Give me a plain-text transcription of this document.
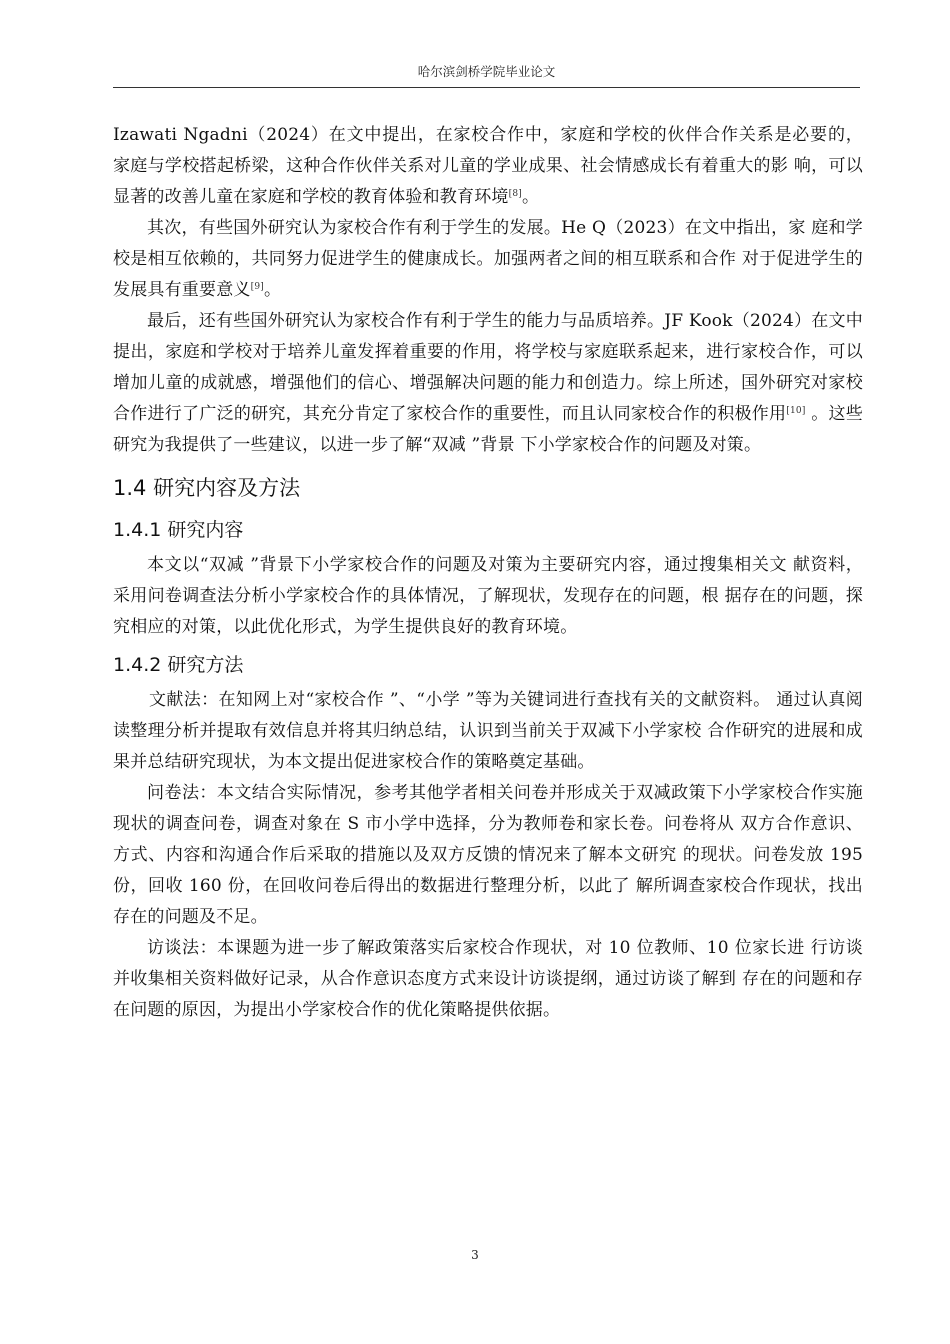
哈尔滨剑桥学院毕业论文

Izawati Ngadni（2024）在文中提出，在家校合作中，家庭和学校的伙伴合作关系是必要的， 家庭与学校搭起桥梁，这种合作伙伴关系对儿童的学业成果、社会情感成长有着重大的影 响，可以显著的改善儿童在家庭和学校的教育体验和教育环境[8]。

其次，有些国外研究认为家校合作有利于学生的发展。He Q（2023）在文中指出，家 庭和学校是相互依赖的，共同努力促进学生的健康成长。加强两者之间的相互联系和合作 对于促进学生的发展具有重要意义[9]。

最后，还有些国外研究认为家校合作有利于学生的能力与品质培养。JF Kook（2024）在文中提出，家庭和学校对于培养儿童发挥着重要的作用，将学校与家庭联系起来，进行家校合作，可以增加儿童的成就感，增强他们的信心、增强解决问题的能力和创造力。综上所述，国外研究对家校合作进行了广泛的研究，其充分肯定了家校合作的重要性，而且认同家校合作的积极作用[10] 。这些研究为我提供了一些建议，以进一步了解“双减 ”背景 下小学家校合作的问题及对策。

1.4 研究内容及方法
1.4.1 研究内容

本文以“双减 ”背景下小学家校合作的问题及对策为主要研究内容，通过搜集相关文 献资料，采用问卷调查法分析小学家校合作的具体情况，了解现状，发现存在的问题，根 据存在的问题，探究相应的对策，以此优化形式，为学生提供良好的教育环境。

1.4.2 研究方法

文献法：在知网上对“家校合作 ”、“小学 ”等为关键词进行查找有关的文献资料。 通过认真阅读整理分析并提取有效信息并将其归纳总结，认识到当前关于双减下小学家校 合作研究的进展和成果并总结研究现状，为本文提出促进家校合作的策略奠定基础。

问卷法：本文结合实际情况，参考其他学者相关问卷并形成关于双减政策下小学家校合作实施现状的调查问卷，调查对象在 S 市小学中选择，分为教师卷和家长卷。问卷将从 双方合作意识、方式、内容和沟通合作后采取的措施以及双方反馈的情况来了解本文研究 的现状。问卷发放 195 份，回收 160 份，在回收问卷后得出的数据进行整理分析，以此了 解所调查家校合作现状，找出存在的问题及不足。

访谈法：本课题为进一步了解政策落实后家校合作现状，对 10 位教师、10 位家长进 行访谈并收集相关资料做好记录，从合作意识态度方式来设计访谈提纲，通过访谈了解到 存在的问题和存在问题的原因，为提出小学家校合作的优化策略提供依据。

3
